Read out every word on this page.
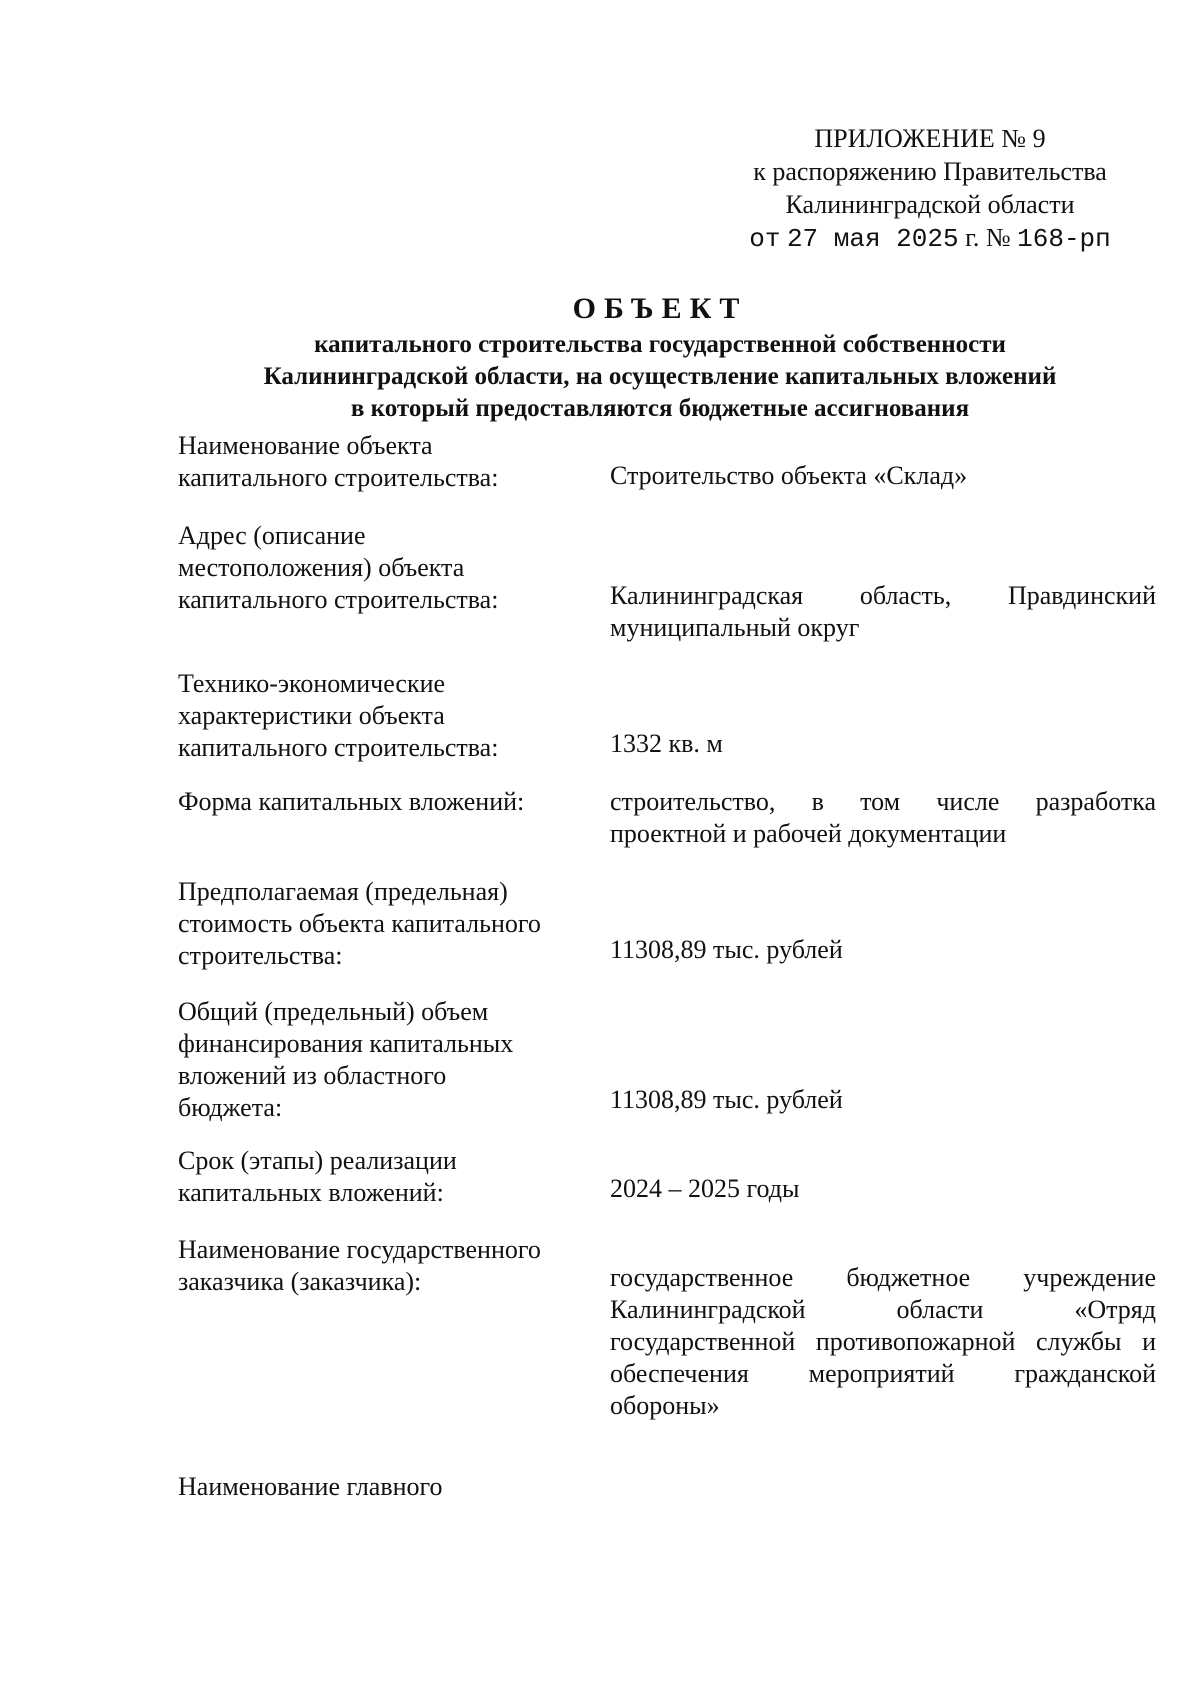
ПРИЛОЖЕНИЕ № 9
к распоряжению Правительства
Калининградской области
от 27 мая 2025 г. № 168-рп
ОБЪЕКТ
капитального строительства государственной собственности
Калининградской области, на осуществление капитальных вложений
в который предоставляются бюджетные ассигнования
Наименование объекта
капитального строительства:	Строительство объекта «Склад»
Адрес (описание
местоположения) объекта
капитального строительства:	Калининградская область, Правдинский муниципальный округ
Технико-экономические
характеристики объекта
капитального строительства:	1332 кв. м
Форма капитальных вложений:	строительство, в том числе разработка проектной и рабочей документации
Предполагаемая (предельная)
стоимость объекта капитального
строительства:	11308,89 тыс. рублей
Общий (предельный) объем
финансирования капитальных
вложений из областного
бюджета:	11308,89 тыс. рублей
Срок (этапы) реализации
капитальных вложений:	2024 – 2025 годы
Наименование государственного
заказчика (заказчика):	государственное бюджетное учреждение Калининградской области «Отряд государственной противопожарной службы и обеспечения мероприятий гражданской обороны»
Наименование главного
